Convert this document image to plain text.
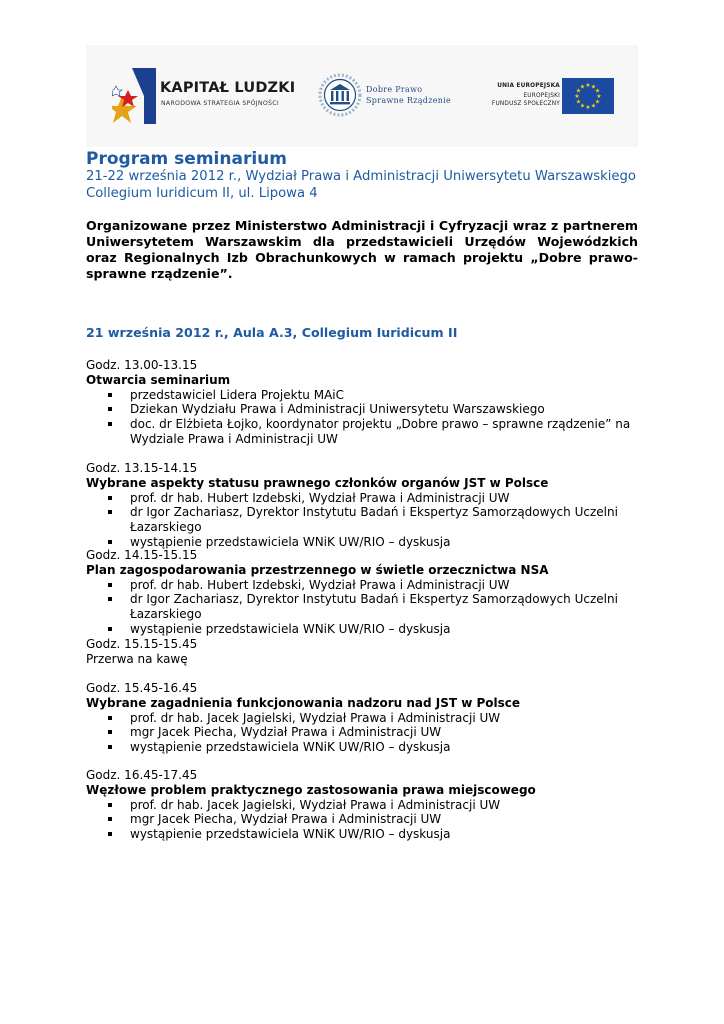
KAPITAŁ LUDZKI
NARODOWA STRATEGIA SPÓJNOŚCI
Dobre Prawo
Sprawne Rządzenie
UNIA EUROPEJSKA
EUROPEJSKI
FUNDUSZ SPOŁECZNY
★ ★
★
★
★
★
★
★
★
★
★
★
Program seminarium
21-22 września 2012 r., Wydział Prawa i Administracji Uniwersytetu Warszawskiego
Collegium Iuridicum II, ul. Lipowa 4
Organizowane przez Ministerstwo Administracji i Cyfryzacji wraz z partnerem Uniwersytetem Warszawskim dla przedstawicieli Urzędów Wojewódzkich oraz Regionalnych Izb Obrachunkowych w ramach projektu „Dobre prawo-sprawne rządzenie”.
21 września 2012 r., Aula A.3, Collegium Iuridicum II
Godz. 13.00-13.15
Otwarcia seminarium
przedstawiciel Lidera Projektu MAiC
Dziekan Wydziału Prawa i Administracji Uniwersytetu Warszawskiego
doc. dr Elżbieta Łojko, koordynator projektu „Dobre prawo – sprawne rządzenie” na Wydziale Prawa i Administracji UW
Godz. 13.15-14.15
Wybrane aspekty statusu prawnego członków organów JST w Polsce
prof. dr hab. Hubert Izdebski, Wydział Prawa i Administracji UW
dr Igor Zachariasz, Dyrektor Instytutu Badań i Ekspertyz Samorządowych Uczelni Łazarskiego
wystąpienie przedstawiciela WNiK UW/RIO – dyskusja
Godz. 14.15-15.15
Plan zagospodarowania przestrzennego w świetle orzecznictwa NSA
prof. dr hab. Hubert Izdebski, Wydział Prawa i Administracji UW
dr Igor Zachariasz, Dyrektor Instytutu Badań i Ekspertyz Samorządowych Uczelni Łazarskiego
wystąpienie przedstawiciela WNiK UW/RIO – dyskusja
Godz. 15.15-15.45
Przerwa na kawę
Godz. 15.45-16.45
Wybrane zagadnienia funkcjonowania nadzoru nad JST w Polsce
prof. dr hab. Jacek Jagielski, Wydział Prawa i Administracji UW
mgr Jacek Piecha, Wydział Prawa i Administracji UW
wystąpienie przedstawiciela WNiK UW/RIO – dyskusja
Godz. 16.45-17.45
Węzłowe problem praktycznego zastosowania prawa miejscowego
prof. dr hab. Jacek Jagielski, Wydział Prawa i Administracji UW
mgr Jacek Piecha, Wydział Prawa i Administracji UW
wystąpienie przedstawiciela WNiK UW/RIO – dyskusja
